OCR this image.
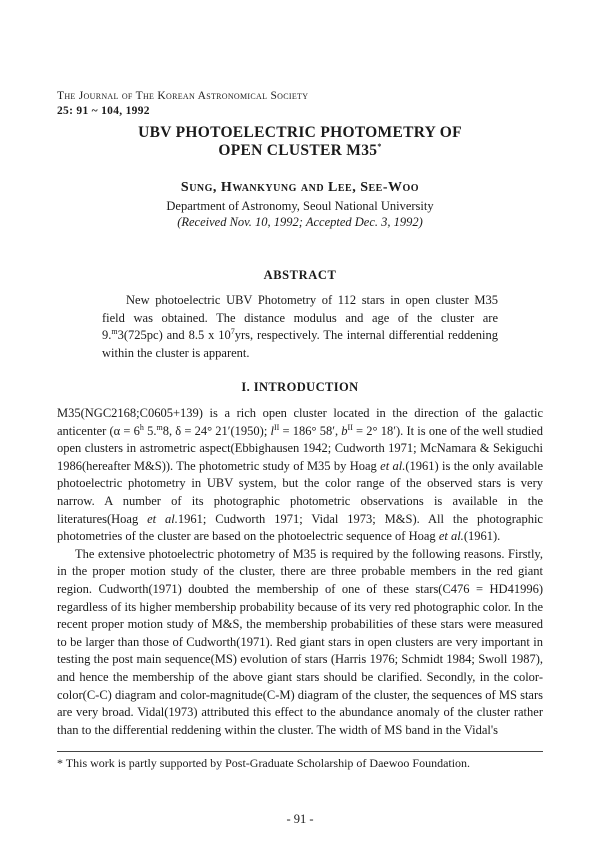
The Journal of The Korean Astronomical Society
25: 91 ~ 104, 1992
UBV PHOTOELECTRIC PHOTOMETRY OF
OPEN CLUSTER M35*
Sung, Hwankyung and Lee, See-Woo
Department of Astronomy, Seoul National University
(Received Nov. 10, 1992; Accepted Dec. 3, 1992)
ABSTRACT

New photoelectric UBV Photometry of 112 stars in open cluster M35 field was obtained. The distance modulus and age of the cluster are 9.$^m$3(725pc) and 8.5 x $10^7yrs$, respectively. The internal differential reddening within the cluster is apparent.

I. INTRODUCTION

M35(NGC2168;C0605+139) is a rich open cluster located in the direction of the galactic anticenter ($\alpha = 6^h$ 5.$^m$8, δ = 24° 21′(1950); $l^{II} = 186^\circ$ 58′, $b^{II} = 2^\circ$ 18′). It is one of the well studied open clusters in astrometric aspect(Ebbighausen 1942; Cudworth 1971; McNamara & Sekiguchi 1986(hereafter M&S)). The photometric study of M35 by Hoag et al.(1961) is the only available photoelectric photometry in UBV system, but the color range of the observed stars is very narrow. A number of its photographic photometric observations is available in the literatures(Hoag et al.1961; Cudworth 1971; Vidal 1973; M&S). All the photographic photometries of the cluster are based on the photoelectric sequence of Hoag et al.(1961).

The extensive photoelectric photometry of M35 is required by the following reasons. Firstly, in the proper motion study of the cluster, there are three probable members in the red giant region. Cudworth(1971) doubted the membership of one of these stars(C476 = HD41996) regardless of its higher membership probability because of its very red photographic color. In the recent proper motion study of M&S, the membership probabilities of these stars were measured to be larger than those of Cudworth(1971). Red giant stars in open clusters are very important in testing the post main sequence(MS) evolution of stars (Harris 1976; Schmidt 1984; Swoll 1987), and hence the membership of the above giant stars should be clarified. Secondly, in the color-color(C-C) diagram and color-magnitude(C-M) diagram of the cluster, the sequences of MS stars are very broad. Vidal(1973) attributed this effect to the abundance anomaly of the cluster rather than to the differential reddening within the cluster. The width of MS band in the Vidal's

* This work is partly supported by Post-Graduate Scholarship of Daewoo Foundation.
- 91 -
